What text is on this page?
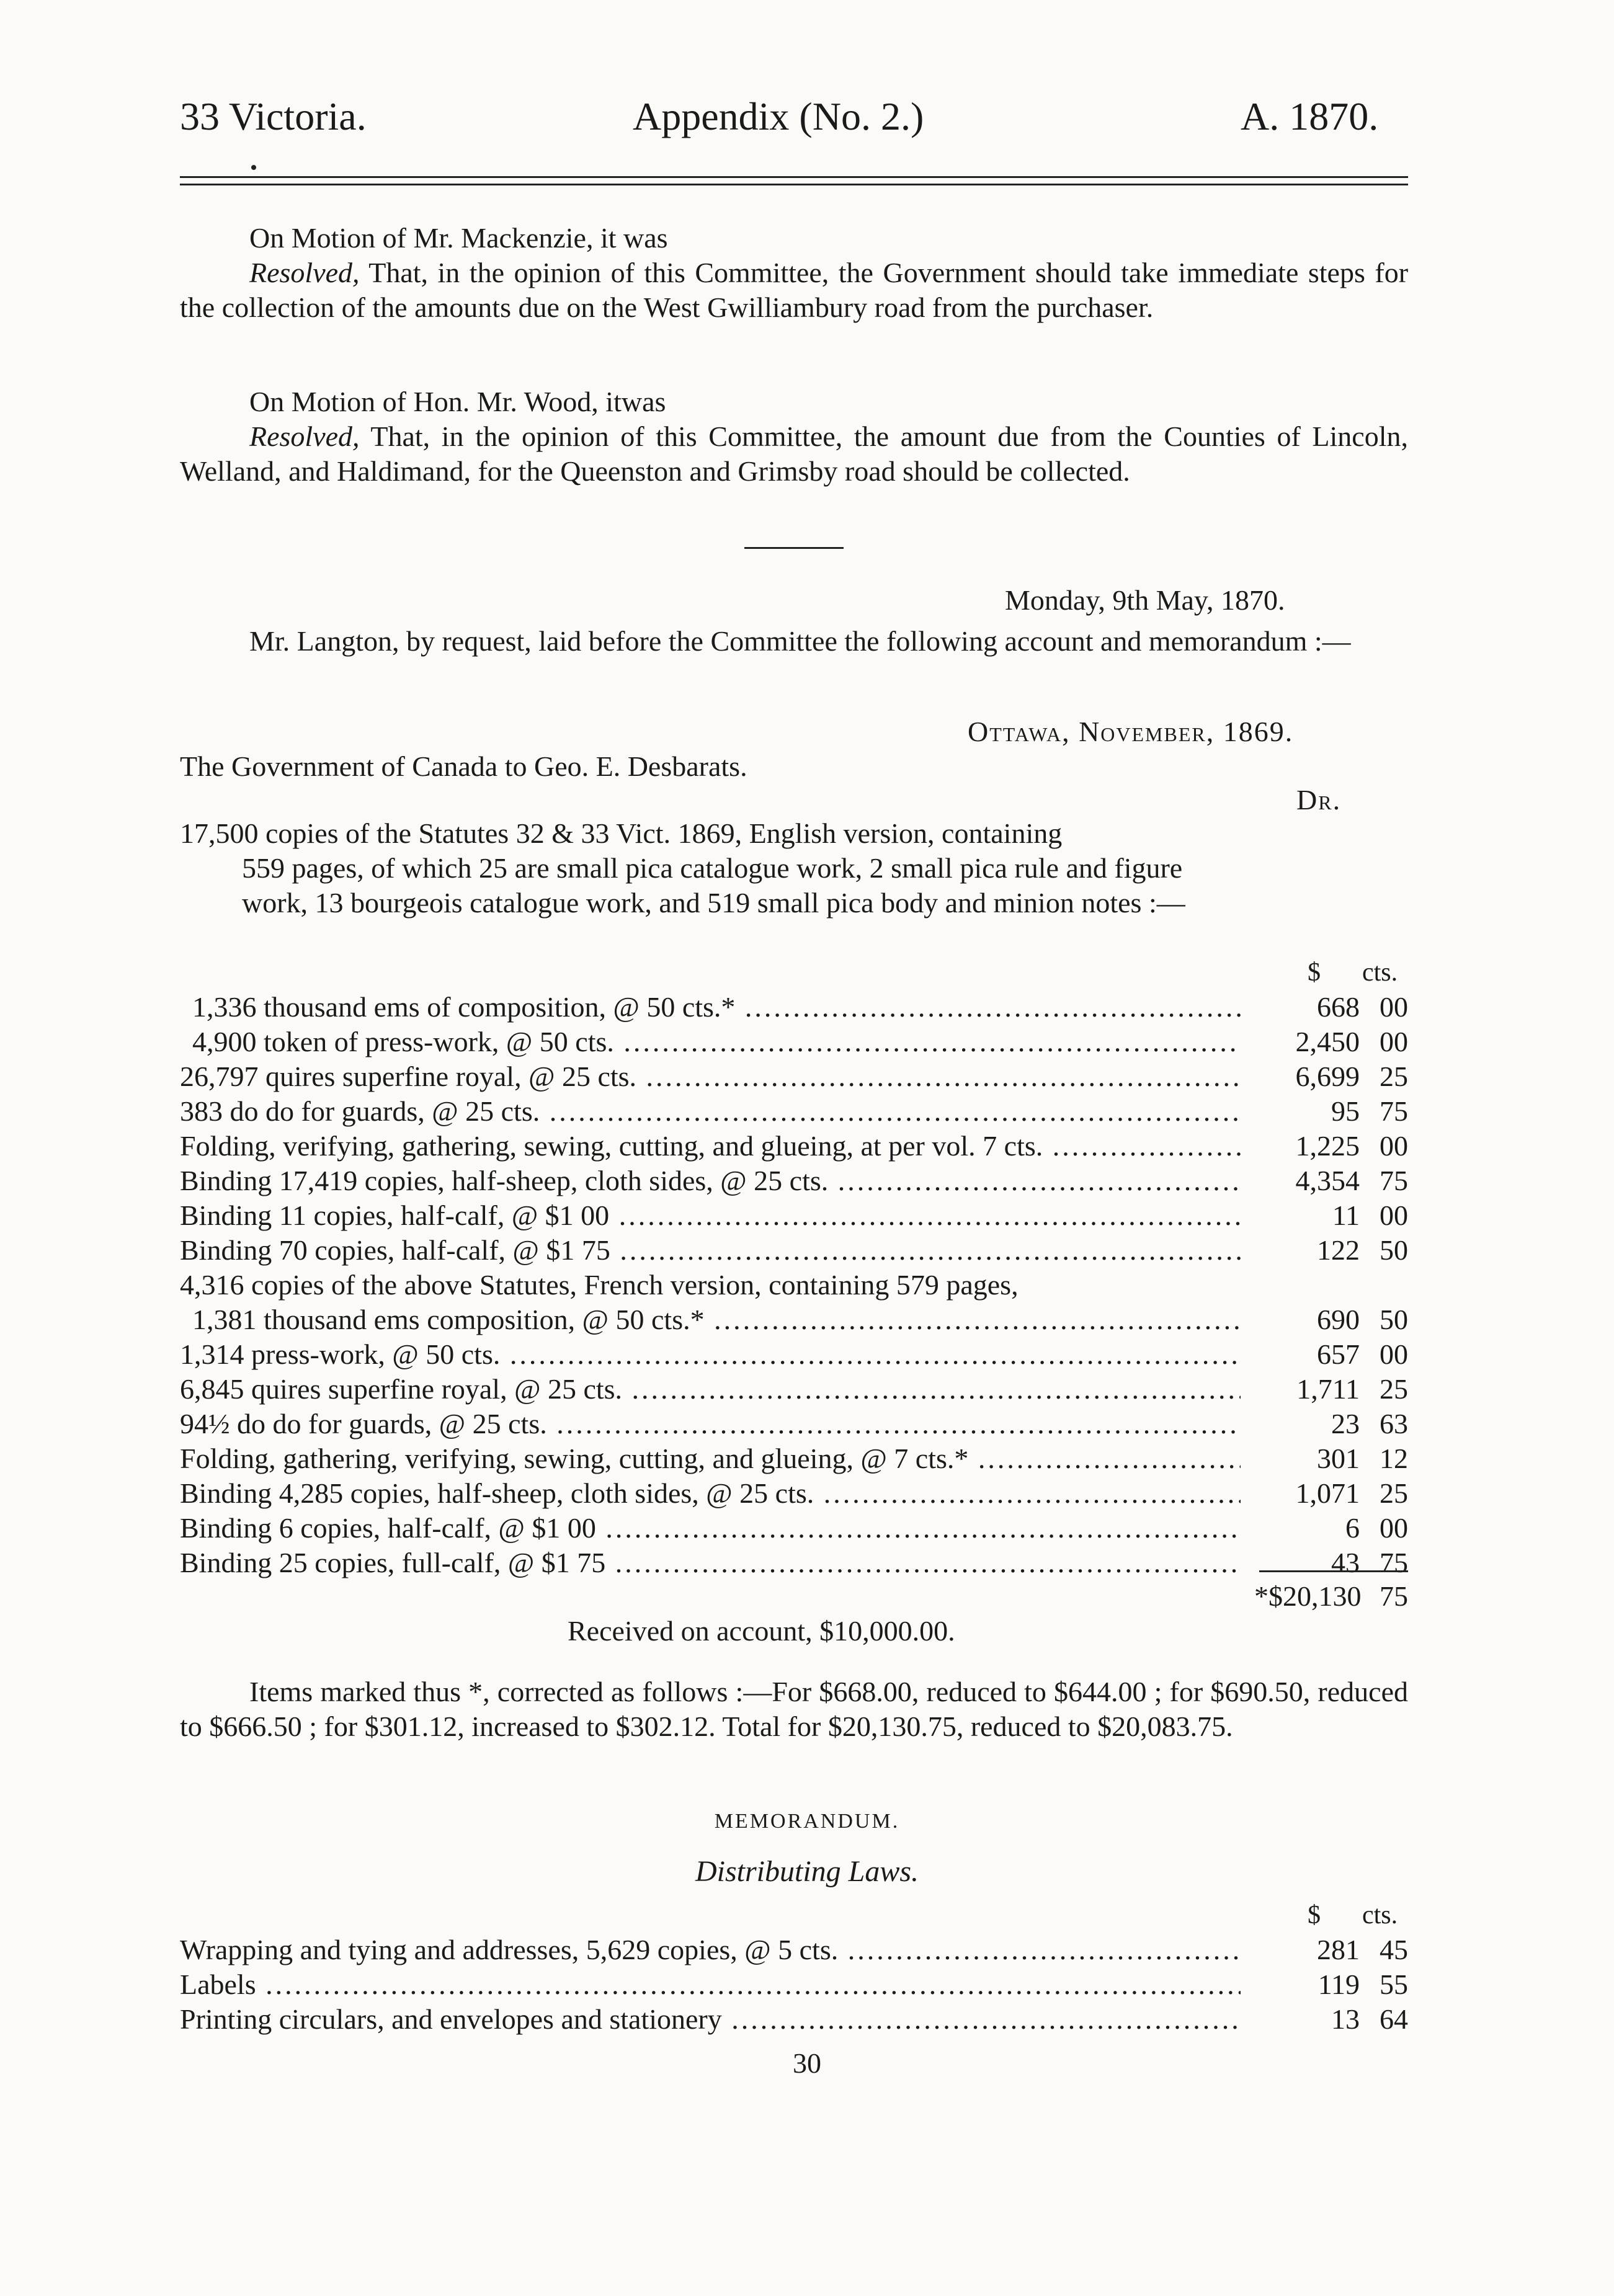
33 Victoria.	Appendix (No. 2.)	A. 1870.
On Motion of Mr. Mackenzie, it was
Resolved, That, in the opinion of this Committee, the Government should take immediate steps for the collection of the amounts due on the West Gwilliambury road from the purchaser.
On Motion of Hon. Mr. Wood, itwas
Resolved, That, in the opinion of this Committee, the amount due from the Counties of Lincoln, Welland, and Haldimand, for the Queenston and Grimsby road should be collected.
Monday, 9th May, 1870.
Mr. Langton, by request, laid before the Committee the following account and memorandum :—
Ottawa, November, 1869.
The Government of Canada to Geo. E. Desbarats.
Dr.
17,500 copies of the Statutes 32 & 33 Vict. 1869, English version, containing
559 pages, of which 25 are small pica catalogue work, 2 small pica rule and figure work, 13 bourgeois catalogue work, and 519 small pica body and minion notes :—
$ cts.
1,336 thousand ems of composition, @ 50 cts.* .....	668 00
4,900 token of press-work, @ 50 cts. .....	2,450 00
26,797 quires superfine royal, @ 25 cts. .....	6,699 25
383 do do for guards, @ 25 cts. .....	95 75
Folding, verifying, gathering, sewing, cutting, and glueing, at per vol. 7 cts. .....	1,225 00
Binding 17,419 copies, half-sheep, cloth sides, @ 25 cts. .....	4,354 75
Binding 11 copies, half-calf, @ $1 00 .....	11 00
Binding 70 copies, half-calf, @ $1 75 .....	122 50
4,316 copies of the above Statutes, French version, containing 579 pages,
1,381 thousand ems composition, @ 50 cts.* .....	690 50
1,314 press-work, @ 50 cts. .....	657 00
6,845 quires superfine royal, @ 25 cts. .....	1,711 25
94½ do do for guards, @ 25 cts. .....	23 63
Folding, gathering, verifying, sewing, cutting, and glueing, @ 7 cts.* .....	301 12
Binding 4,285 copies, half-sheep, cloth sides, @ 25 cts. .....	1,071 25
Binding 6 copies, half-calf, @ $1 00 .....	6 00
Binding 25 copies, full-calf, @ $1 75 .....	43 75
*$20,130 75
Received on account, $10,000.00.
Items marked thus *, corrected as follows :—For $668.00, reduced to $644.00 ; for $690.50, reduced to $666.50 ; for $301.12, increased to $302.12. Total for $20,130.75, reduced to $20,083.75.
MEMORANDUM.
Distributing Laws.
$ cts.
Wrapping and tying and addresses, 5,629 copies, @ 5 cts. .....	281 45
Labels .....	119 55
Printing circulars, and envelopes and stationery .....	13 64
30
